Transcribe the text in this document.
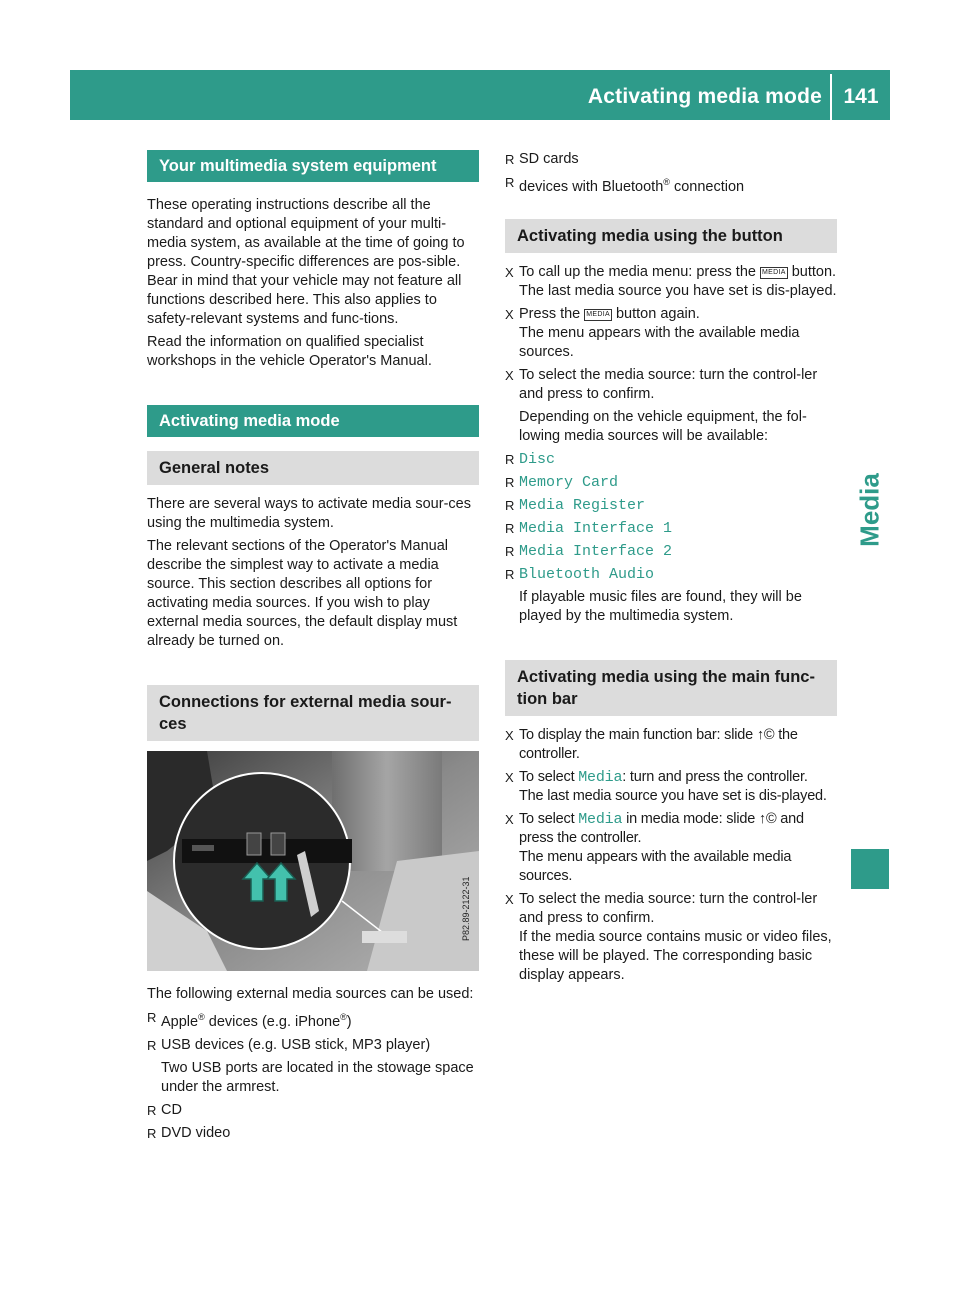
Activating media mode	141
Media
Your multimedia system equipment

These operating instructions describe all the standard and optional equipment of your multi-media system, as available at the time of going to press. Country-specific differences are pos-sible. Bear in mind that your vehicle may not feature all functions described here. This also applies to safety-relevant systems and func-tions.

Read the information on qualified specialist workshops in the vehicle Operator's Manual.

Activating media mode
General notes

There are several ways to activate media sour-ces using the multimedia system.

The relevant sections of the Operator's Manual describe the simplest way to activate a media source. This section describes all options for activating media sources. If you wish to play external media sources, the default display must already be turned on.

Connections for external media sour-ces
P82.89-2122-31

The following external media sources can be used:

R Apple® devices (e.g. iPhone®)
R USB devices (e.g. USB stick, MP3 player)
Two USB ports are located in the stowage space under the armrest.
R CD
R DVD video
R SD cards
R devices with Bluetooth® connection
Activating media using the button
X To call up the media menu: press the MEDIA button.
The last media source you have set is dis-played.
X Press the MEDIA button again.
The menu appears with the available media sources.
X To select the media source: turn the control-ler and press to confirm.

Depending on the vehicle equipment, the fol-lowing media sources will be available:

R Disc
R Memory Card
R Media Register
R Media Interface 1
R Media Interface 2
R Bluetooth Audio

If playable music files are found, they will be played by the multimedia system.

Activating media using the main func-tion bar
X To display the main function bar: slide ↑© the controller.
X To select Media: turn and press the controller.
The last media source you have set is dis-played.
X To select Media in media mode: slide ↑© and press the controller.
The menu appears with the available media sources.
X To select the media source: turn the control-ler and press to confirm.
If the media source contains music or video files, these will be played. The corresponding basic display appears.
